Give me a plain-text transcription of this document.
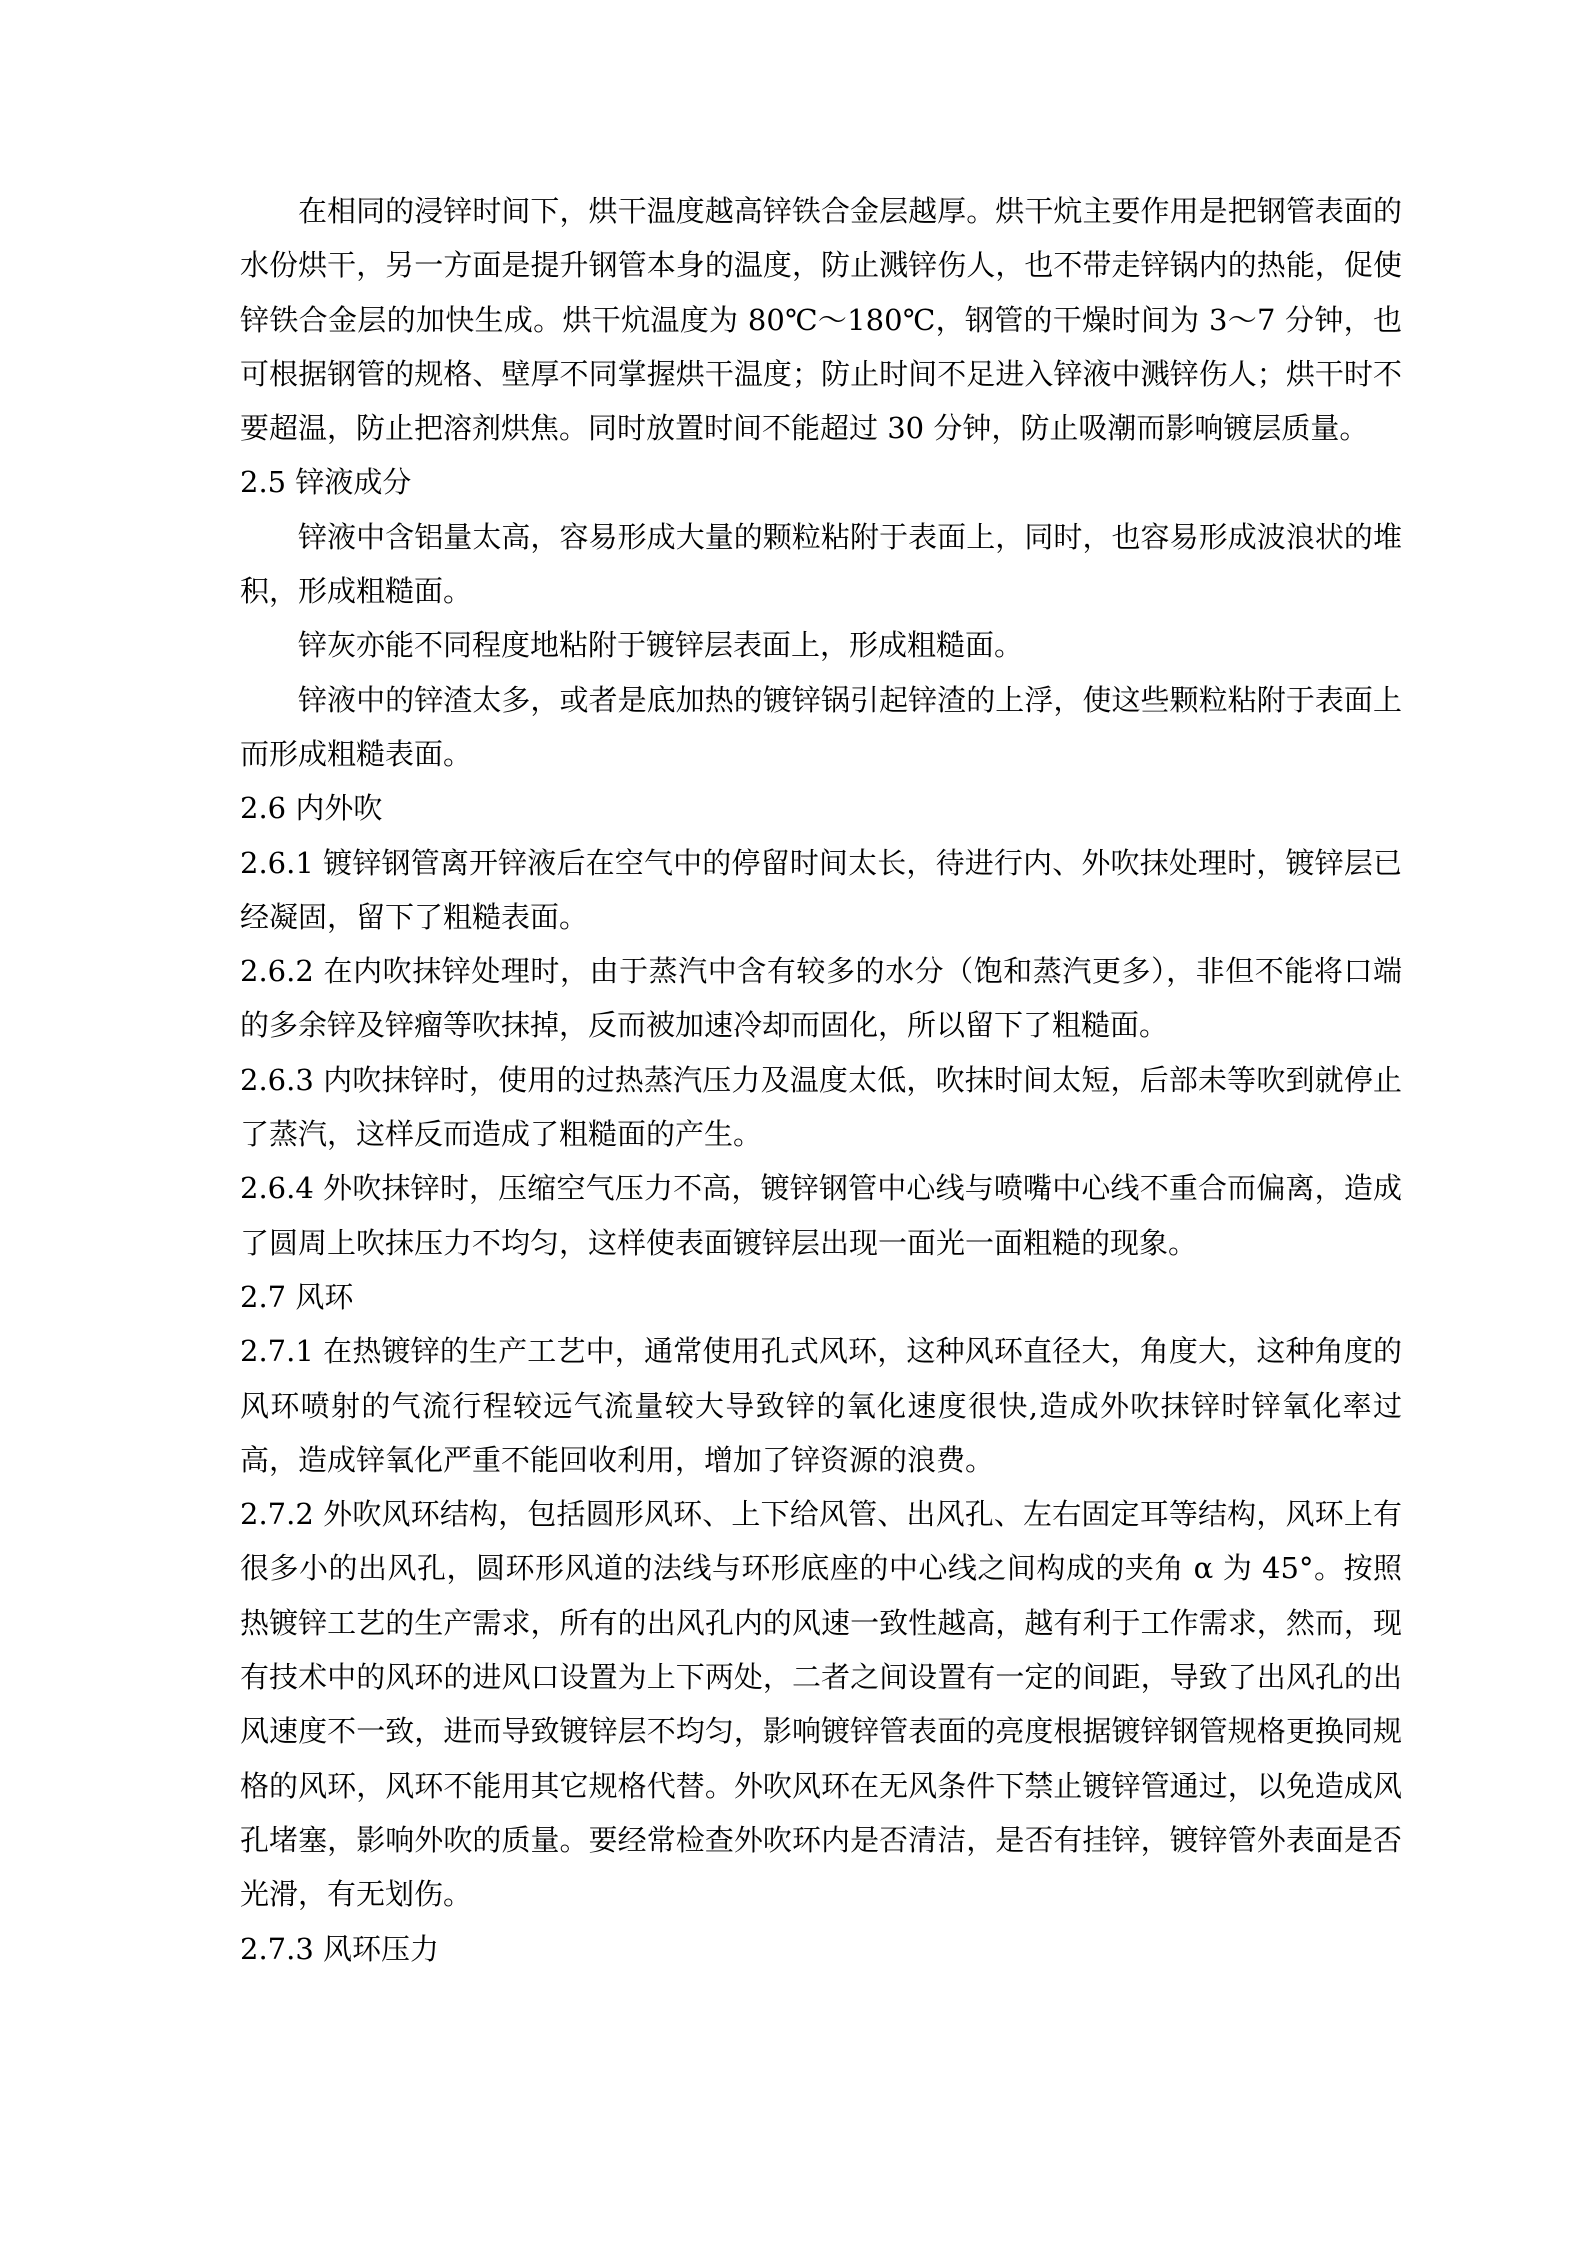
在相同的浸锌时间下，烘干温度越高锌铁合金层越厚。烘干炕主要作用是把钢管表面的水份烘干，另一方面是提升钢管本身的温度，防止溅锌伤人，也不带走锌锅内的热能，促使锌铁合金层的加快生成。烘干炕温度为 80℃～180℃，钢管的干燥时间为 3～7 分钟，也可根据钢管的规格、壁厚不同掌握烘干温度；防止时间不足进入锌液中溅锌伤人；烘干时不要超温，防止把溶剂烘焦。同时放置时间不能超过 30 分钟，防止吸潮而影响镀层质量。

2.5 锌液成分

锌液中含铝量太高，容易形成大量的颗粒粘附于表面上，同时，也容易形成波浪状的堆积，形成粗糙面。

锌灰亦能不同程度地粘附于镀锌层表面上，形成粗糙面。

锌液中的锌渣太多，或者是底加热的镀锌锅引起锌渣的上浮，使这些颗粒粘附于表面上而形成粗糙表面。

2.6 内外吹

2.6.1 镀锌钢管离开锌液后在空气中的停留时间太长，待进行内、外吹抹处理时，镀锌层已经凝固，留下了粗糙表面。

2.6.2 在内吹抹锌处理时，由于蒸汽中含有较多的水分（饱和蒸汽更多），非但不能将口端的多余锌及锌瘤等吹抹掉，反而被加速冷却而固化，所以留下了粗糙面。

2.6.3 内吹抹锌时，使用的过热蒸汽压力及温度太低，吹抹时间太短，后部未等吹到就停止了蒸汽，这样反而造成了粗糙面的产生。

2.6.4 外吹抹锌时，压缩空气压力不高，镀锌钢管中心线与喷嘴中心线不重合而偏离，造成了圆周上吹抹压力不均匀，这样使表面镀锌层出现一面光一面粗糙的现象。

2.7 风环

2.7.1 在热镀锌的生产工艺中，通常使用孔式风环，这种风环直径大，角度大，这种角度的风环喷射的气流行程较远气流量较大导致锌的氧化速度很快,造成外吹抹锌时锌氧化率过高，造成锌氧化严重不能回收利用，增加了锌资源的浪费。

2.7.2 外吹风环结构，包括圆形风环、上下给风管、出风孔、左右固定耳等结构，风环上有很多小的出风孔，圆环形风道的法线与环形底座的中心线之间构成的夹角 α 为 45°。按照热镀锌工艺的生产需求，所有的出风孔内的风速一致性越高，越有利于工作需求，然而，现有技术中的风环的进风口设置为上下两处，二者之间设置有一定的间距，导致了出风孔的出风速度不一致，进而导致镀锌层不均匀，影响镀锌管表面的亮度根据镀锌钢管规格更换同规格的风环，风环不能用其它规格代替。外吹风环在无风条件下禁止镀锌管通过，以免造成风孔堵塞，影响外吹的质量。要经常检查外吹环内是否清洁，是否有挂锌，镀锌管外表面是否光滑，有无划伤。

2.7.3 风环压力
